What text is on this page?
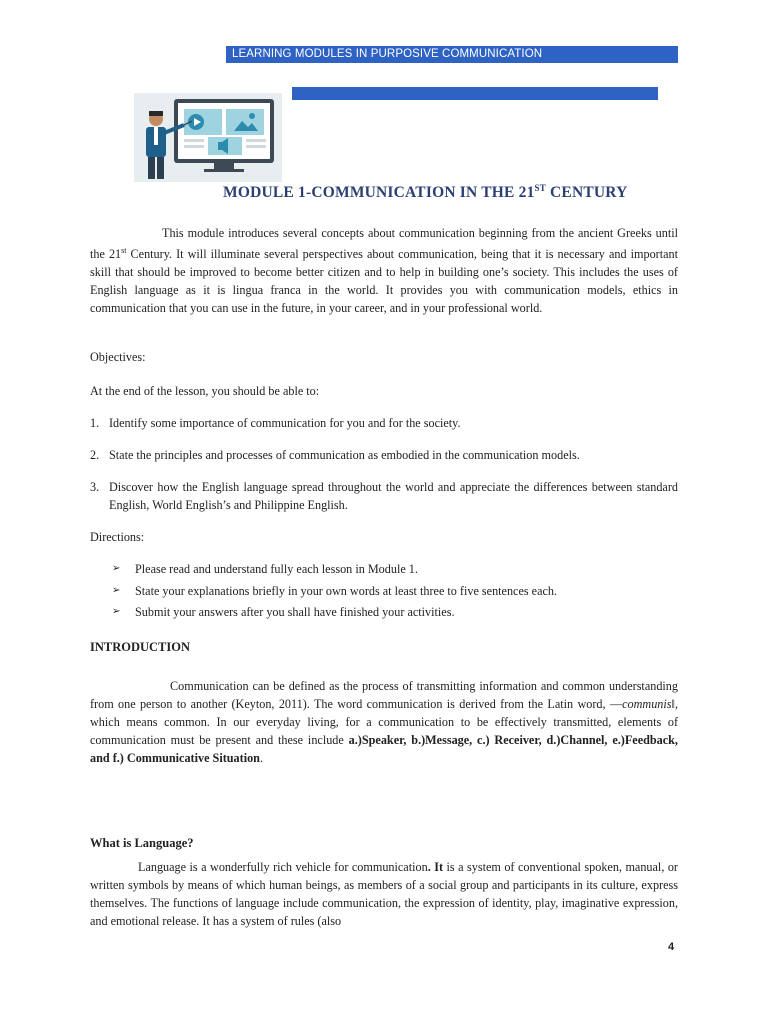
LEARNING MODULES IN PURPOSIVE COMMUNICATION
MODULE 1-COMMUNICATION IN THE 21ST CENTURY

This module introduces several concepts about communication beginning from the ancient Greeks until the 21st Century. It will illuminate several perspectives about communication, being that it is necessary and important skill that should be improved to become better citizen and to help in building one’s society. This includes the uses of English language as it is lingua franca in the world. It provides you with communication models, ethics in communication that you can use in the future, in your career, and in your professional world.

Objectives:
At the end of the lesson, you should be able to:
1. Identify some importance of communication for you and for the society.
2. State the principles and processes of communication as embodied in the communication models.
3. Discover how the English language spread throughout the world and appreciate the differences between standard English, World English’s and Philippine English.
Directions:
➢ Please read and understand fully each lesson in Module 1.
➢ State your explanations briefly in your own words at least three to five sentences each.
➢ Submit your answers after you shall have finished your activities.
INTRODUCTION

Communication can be defined as the process of transmitting information and common understanding from one person to another (Keyton, 2011). The word communication is derived from the Latin word, —communis‖, which means common. In our everyday living, for a communication to be effectively transmitted, elements of communication must be present and these include a.)Speaker, b.)Message, c.) Receiver, d.)Channel, e.)Feedback, and f.) Communicative Situation.

What is Language?

Language is a wonderfully rich vehicle for communication. It is a system of conventional spoken, manual, or written symbols by means of which human beings, as members of a social group and participants in its culture, express themselves. The functions of language include communication, the expression of identity, play, imaginative expression, and emotional release. It has a system of rules (also

4
